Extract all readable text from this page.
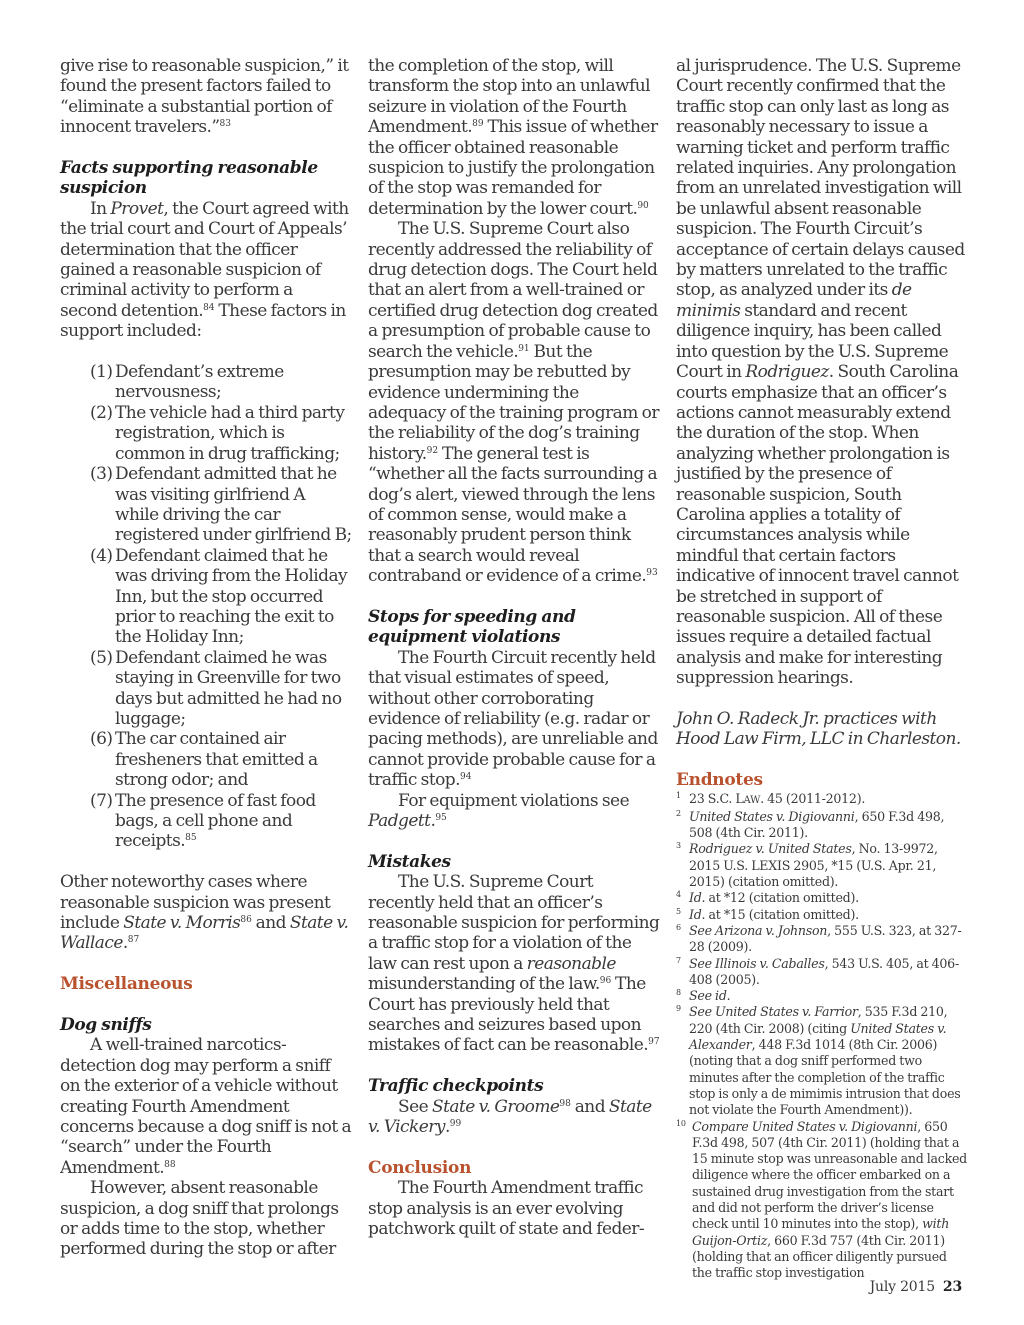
give rise to reasonable suspicion,” it found the present factors failed to “eliminate a substantial portion of innocent travelers.”$^{83}$

Facts supporting reasonable suspicion

In Provet, the Court agreed with the trial court and Court of Appeals’ determination that the officer gained a reasonable suspicion of criminal activity to perform a second detention.$^{84}$ These factors in support included:

(1) Defendant’s extreme nervousness;
(2) The vehicle had a third party registration, which is common in drug trafficking;
(3) Defendant admitted that he was visiting girlfriend A while driving the car registered under girlfriend B;
(4) Defendant claimed that he was driving from the Holiday Inn, but the stop occurred prior to reaching the exit to the Holiday Inn;
(5) Defendant claimed he was staying in Greenville for two days but admitted he had no luggage;
(6) The car contained air fresheners that emitted a strong odor; and
(7) The presence of fast food bags, a cell phone and receipts.$^{85}$

Other noteworthy cases where reasonable suspicion was present include State v. Morris$^{86}$ and State v. Wallace.$^{87}$

Miscellaneous

Dog sniffs

A well-trained narcotics-detection dog may perform a sniff on the exterior of a vehicle without creating Fourth Amendment concerns because a dog sniff is not a “search” under the Fourth Amendment.$^{88}$

However, absent reasonable suspicion, a dog sniff that prolongs or adds time to the stop, whether performed during the stop or after

the completion of the stop, will transform the stop into an unlawful seizure in violation of the Fourth Amendment.$^{89}$ This issue of whether the officer obtained reasonable suspicion to justify the prolongation of the stop was remanded for determination by the lower court.$^{90}$

The U.S. Supreme Court also recently addressed the reliability of drug detection dogs. The Court held that an alert from a well-trained or certified drug detection dog created a presumption of probable cause to search the vehicle.$^{91}$ But the presumption may be rebutted by evidence undermining the adequacy of the training program or the reliability of the dog’s training history.$^{92}$ The general test is “whether all the facts surrounding a dog’s alert, viewed through the lens of common sense, would make a reasonably prudent person think that a search would reveal contraband or evidence of a crime.$^{93}$

Stops for speeding and equipment violations

The Fourth Circuit recently held that visual estimates of speed, without other corroborating evidence of reliability (e.g. radar or pacing methods), are unreliable and cannot provide probable cause for a traffic stop.$^{94}$

For equipment violations see Padgett.$^{95}$

Mistakes

The U.S. Supreme Court recently held that an officer’s reasonable suspicion for performing a traffic stop for a violation of the law can rest upon a reasonable misunderstanding of the law.$^{96}$ The Court has previously held that searches and seizures based upon mistakes of fact can be reasonable.$^{97}$

Traffic checkpoints

See State v. Groome$^{98}$ and State v. Vickery.$^{99}$

Conclusion

The Fourth Amendment traffic stop analysis is an ever evolving patchwork quilt of state and feder-

al jurisprudence. The U.S. Supreme Court recently confirmed that the traffic stop can only last as long as reasonably necessary to issue a warning ticket and perform traffic related inquiries. Any prolongation from an unrelated investigation will be unlawful absent reasonable suspicion. The Fourth Circuit’s acceptance of certain delays caused by matters unrelated to the traffic stop, as analyzed under its de minimis standard and recent diligence inquiry, has been called into question by the U.S. Supreme Court in Rodriguez. South Carolina courts emphasize that an officer’s actions cannot measurably extend the duration of the stop. When analyzing whether prolongation is justified by the presence of reasonable suspicion, South Carolina applies a totality of circumstances analysis while mindful that certain factors indicative of innocent travel cannot be stretched in support of reasonable suspicion. All of these issues require a detailed factual analysis and make for interesting suppression hearings.

John O. Radeck Jr. practices with Hood Law Firm, LLC in Charleston.

Endnotes

1 23 S.C. LAW. 45 (2011-2012).
2 United States v. Digiovanni, 650 F.3d 498, 508 (4th Cir. 2011).
3 Rodriguez v. United States, No. 13-9972, 2015 U.S. LEXIS 2905, *15 (U.S. Apr. 21, 2015) (citation omitted).
4 Id. at *12 (citation omitted).
5 Id. at *15 (citation omitted).
6 See Arizona v. Johnson, 555 U.S. 323, at 327-28 (2009).
7 See Illinois v. Caballes, 543 U.S. 405, at 406-408 (2005).
8 See id.
9 See United States v. Farrior, 535 F.3d 210, 220 (4th Cir. 2008) (citing United States v. Alexander, 448 F.3d 1014 (8th Cir. 2006) (noting that a dog sniff performed two minutes after the completion of the traffic stop is only a de mimimis intrusion that does not violate the Fourth Amendment)).
10 Compare United States v. Digiovanni, 650 F.3d 498, 507 (4th Cir. 2011) (holding that a 15 minute stop was unreasonable and lacked diligence where the officer embarked on a sustained drug investigation from the start and did not perform the driver’s license check until 10 minutes into the stop), with Guijon-Ortiz, 660 F.3d 757 (4th Cir. 2011) (holding that an officer diligently pursued the traffic stop investigation
July 2015 23
